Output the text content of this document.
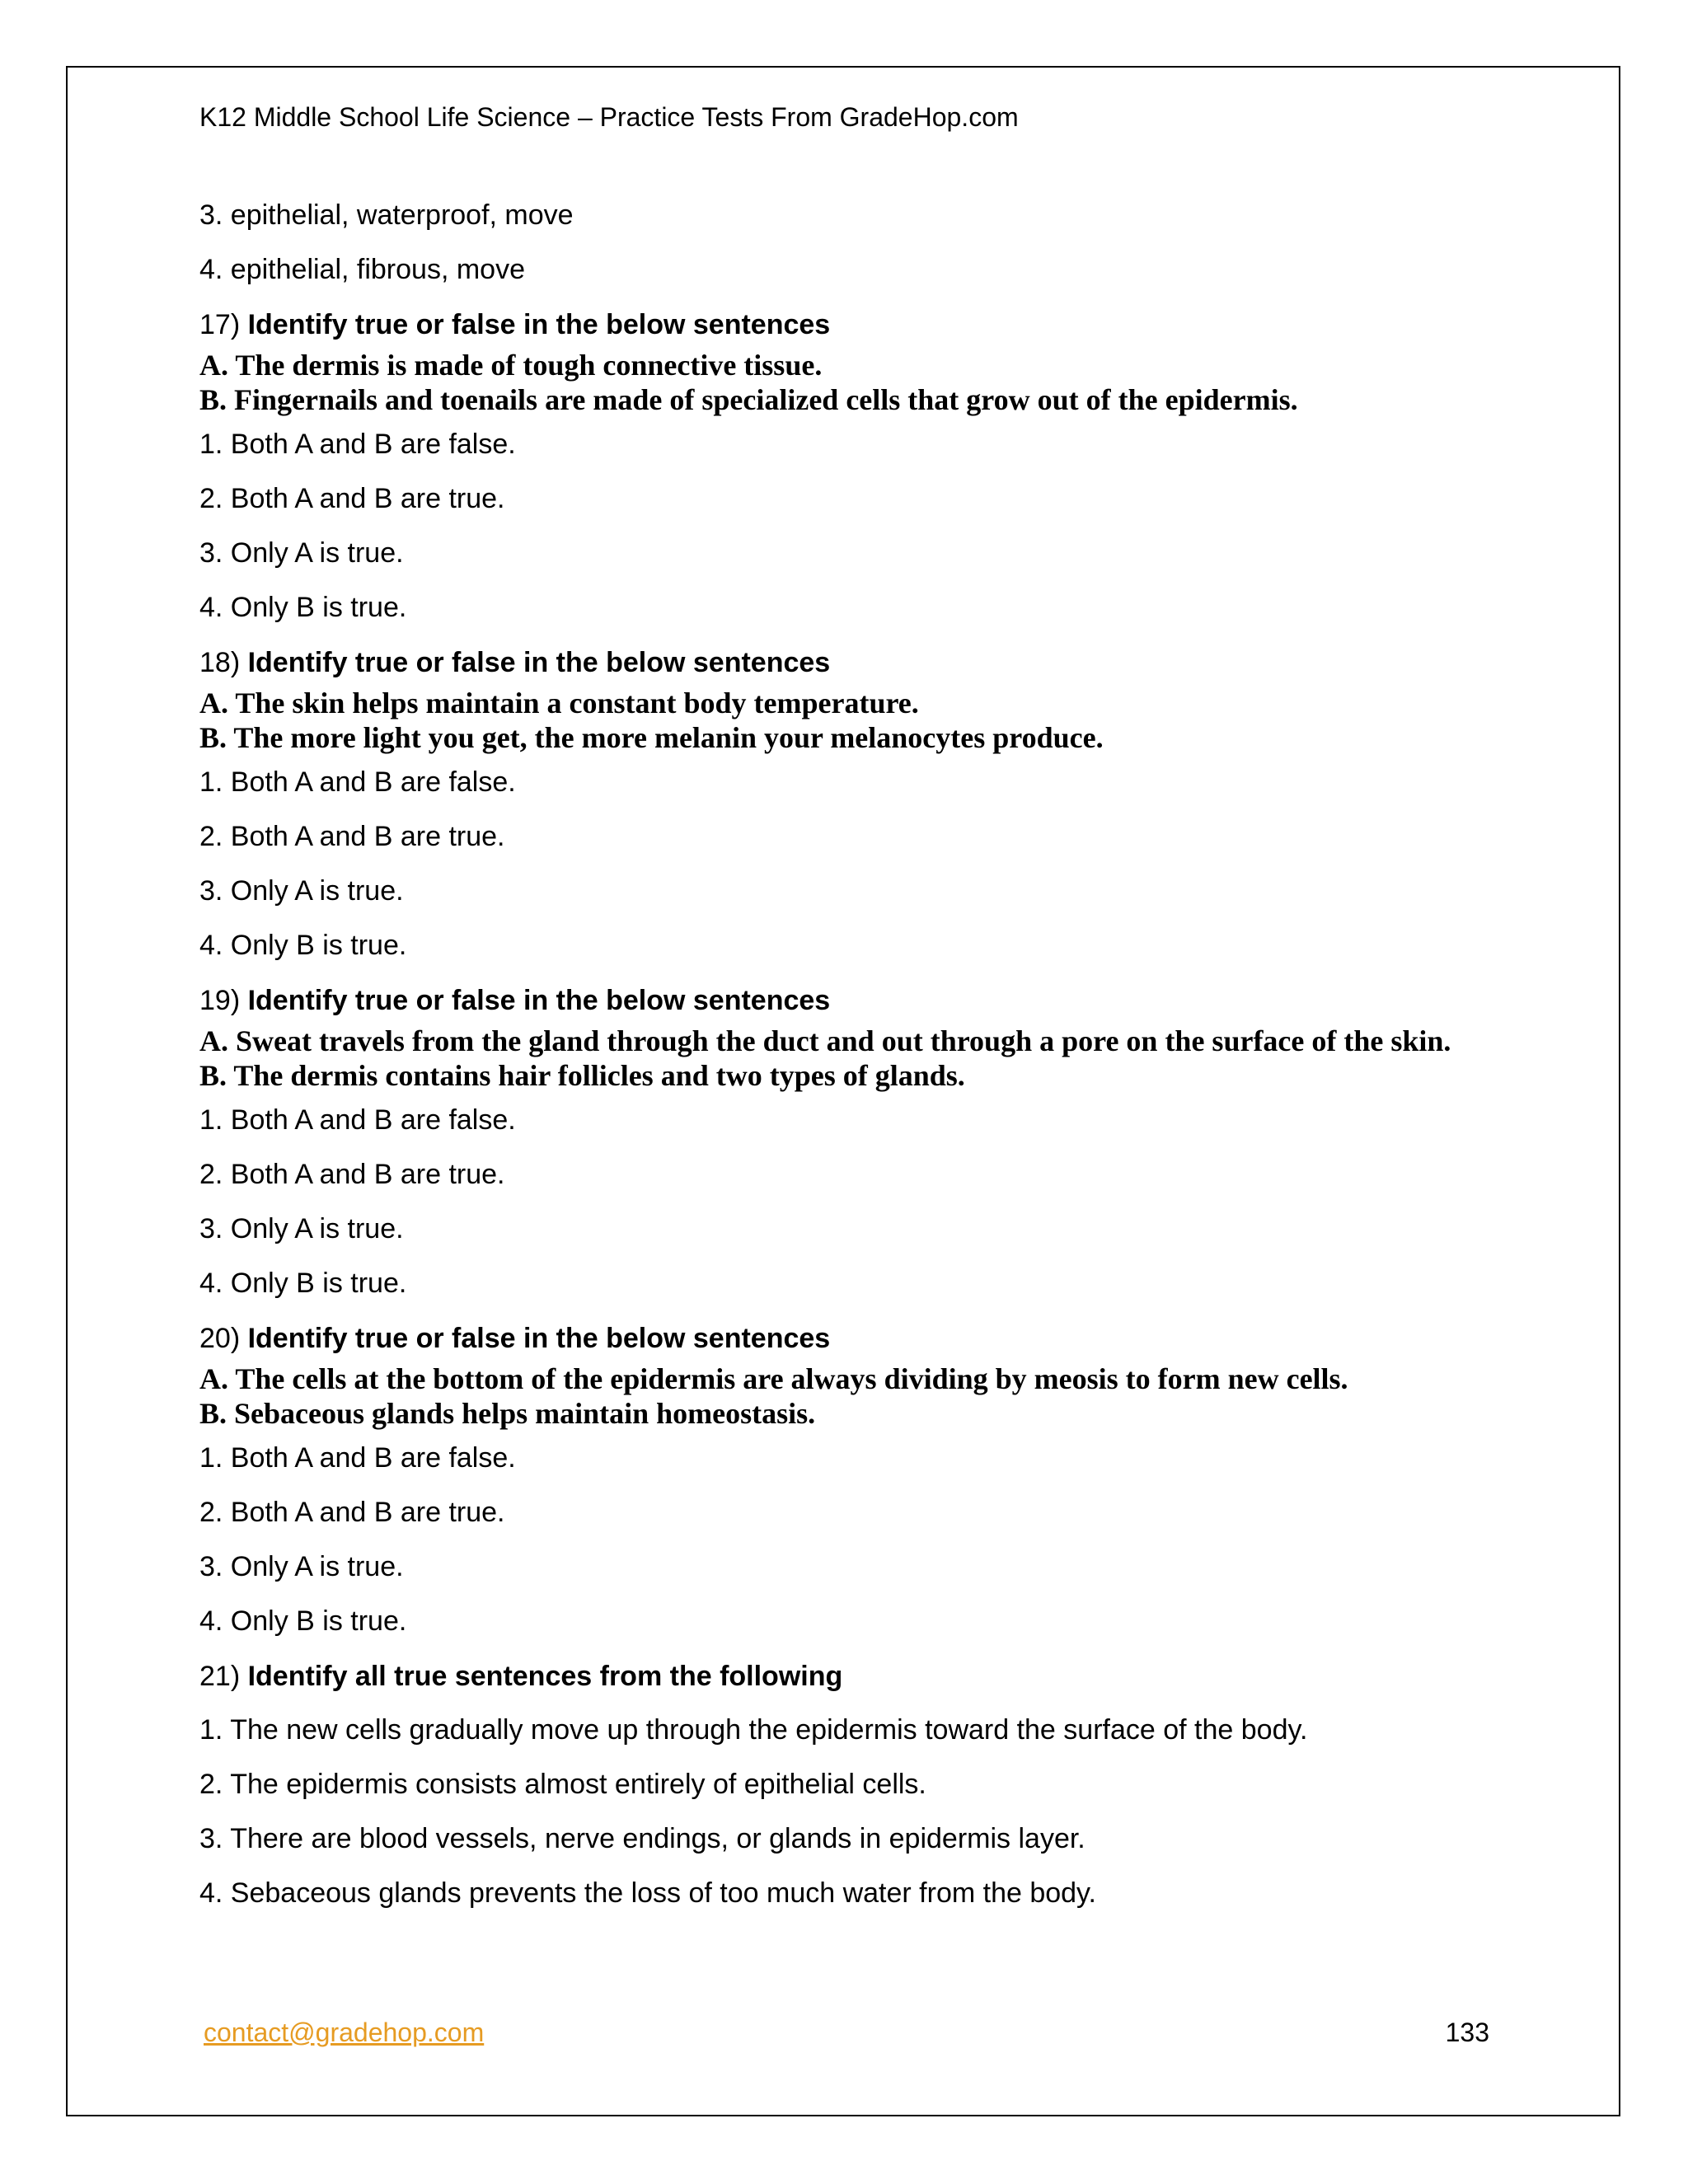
K12 Middle School Life Science – Practice Tests From GradeHop.com
3. epithelial, waterproof, move
4. epithelial, fibrous, move
17) Identify true or false in the below sentences
A. The dermis is made of tough connective tissue.
B. Fingernails and toenails are made of specialized cells that grow out of the epidermis.
1. Both A and B are false.
2. Both A and B are true.
3. Only A is true.
4. Only B is true.
18) Identify true or false in the below sentences
A. The skin helps maintain a constant body temperature.
B. The more light you get, the more melanin your melanocytes produce.
1. Both A and B are false.
2. Both A and B are true.
3. Only A is true.
4. Only B is true.
19) Identify true or false in the below sentences
A. Sweat travels from the gland through the duct and out through a pore on the surface of the skin.
B. The dermis contains hair follicles and two types of glands.
1. Both A and B are false.
2. Both A and B are true.
3. Only A is true.
4. Only B is true.
20) Identify true or false in the below sentences
A. The cells at the bottom of the epidermis are always dividing by meosis to form new cells.
B. Sebaceous glands helps maintain homeostasis.
1. Both A and B are false.
2. Both A and B are true.
3. Only A is true.
4. Only B is true.
21) Identify all true sentences from the following
1. The new cells gradually move up through the epidermis toward the surface of the body.
2. The epidermis consists almost entirely of epithelial cells.
3. There are blood vessels, nerve endings, or glands in epidermis layer.
4. Sebaceous glands prevents the loss of too much water from the body.
contact@gradehop.com	133
